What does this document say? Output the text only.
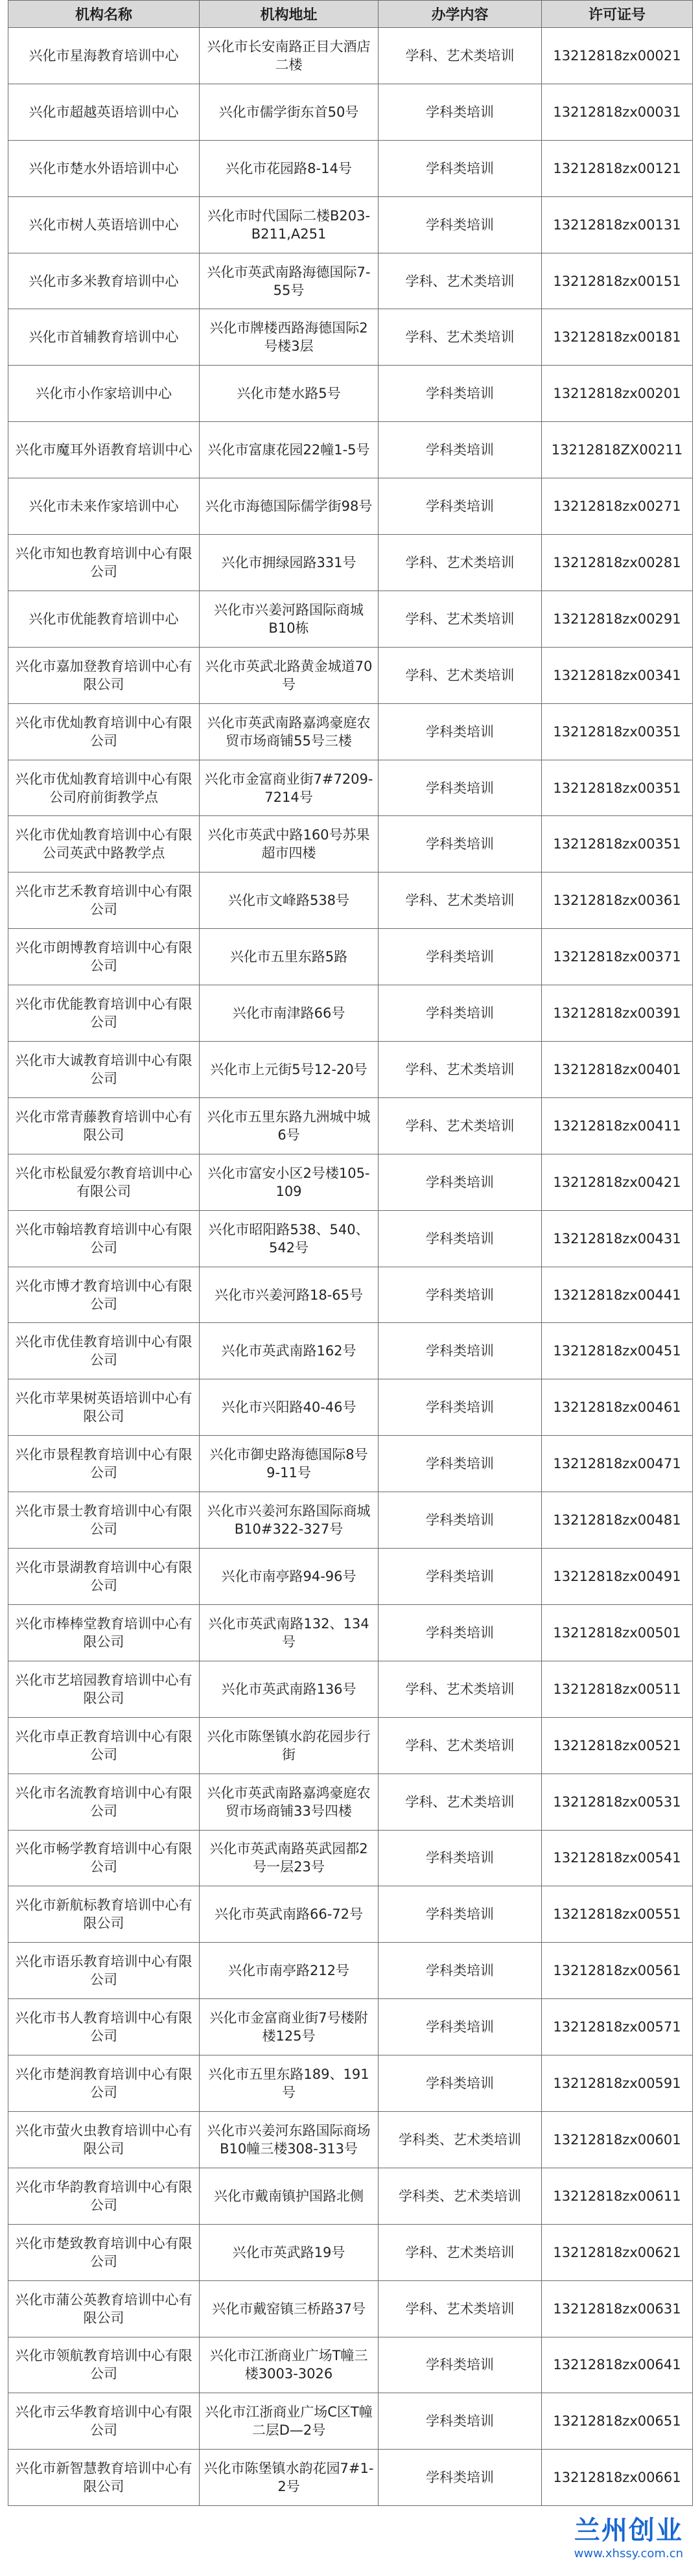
机构名称	机构地址	办学内容	许可证号

兴化市星海教育培训中心	兴化市长安南路正目大酒店二楼	学科、艺术类培训	13212818zx00021

兴化市超越英语培训中心	兴化市儒学街东首50号	学科类培训	13212818zx00031

兴化市楚水外语培训中心	兴化市花园路8-14号	学科类培训	13212818zx00121

兴化市树人英语培训中心	兴化市时代国际二楼B203-B211,A251	学科类培训	13212818zx00131

兴化市多米教育培训中心	兴化市英武南路海德国际7-55号	学科、艺术类培训	13212818zx00151

兴化市首辅教育培训中心	兴化市牌楼西路海德国际2号楼3层	学科、艺术类培训	13212818zx00181

兴化市小作家培训中心	兴化市楚水路5号	学科类培训	13212818zx00201

兴化市魔耳外语教育培训中心	兴化市富康花园22幢1-5号	学科类培训	13212818ZX00211

兴化市未来作家培训中心	兴化市海德国际儒学街98号	学科类培训	13212818zx00271

兴化市知也教育培训中心有限公司	兴化市拥绿园路331号	学科、艺术类培训	13212818zx00281

兴化市优能教育培训中心	兴化市兴姜河路国际商城B10栋	学科、艺术类培训	13212818zx00291

兴化市嘉加登教育培训中心有限公司	兴化市英武北路黄金城道70号	学科、艺术类培训	13212818zx00341

兴化市优灿教育培训中心有限公司	兴化市英武南路嘉鸿豪庭农贸市场商铺55号三楼	学科类培训	13212818zx00351

兴化市优灿教育培训中心有限公司府前街教学点	兴化市金富商业街7#7209-7214号	学科类培训	13212818zx00351

兴化市优灿教育培训中心有限公司英武中路教学点	兴化市英武中路160号苏果超市四楼	学科类培训	13212818zx00351

兴化市艺禾教育培训中心有限公司	兴化市文峰路538号	学科、艺术类培训	13212818zx00361

兴化市朗博教育培训中心有限公司	兴化市五里东路5路	学科类培训	13212818zx00371

兴化市优能教育培训中心有限公司	兴化市南津路66号	学科类培训	13212818zx00391

兴化市大诚教育培训中心有限公司	兴化市上元街5号12-20号	学科、艺术类培训	13212818zx00401

兴化市常青藤教育培训中心有限公司	兴化市五里东路九洲城中城6号	学科、艺术类培训	13212818zx00411

兴化市松鼠爱尔教育培训中心有限公司	兴化市富安小区2号楼105-109	学科类培训	13212818zx00421

兴化市翰培教育培训中心有限公司	兴化市昭阳路538、540、542号	学科类培训	13212818zx00431

兴化市博才教育培训中心有限公司	兴化市兴姜河路18-65号	学科类培训	13212818zx00441

兴化市优佳教育培训中心有限公司	兴化市英武南路162号	学科类培训	13212818zx00451

兴化市苹果树英语培训中心有限公司	兴化市兴阳路40-46号	学科类培训	13212818zx00461

兴化市景程教育培训中心有限公司	兴化市御史路海德国际8号9-11号	学科类培训	13212818zx00471

兴化市景士教育培训中心有限公司	兴化市兴姜河东路国际商城B10#322-327号	学科类培训	13212818zx00481

兴化市景湖教育培训中心有限公司	兴化市南亭路94-96号	学科类培训	13212818zx00491

兴化市棒棒堂教育培训中心有限公司	兴化市英武南路132、134号	学科类培训	13212818zx00501

兴化市艺培园教育培训中心有限公司	兴化市英武南路136号	学科、艺术类培训	13212818zx00511

兴化市卓正教育培训中心有限公司	兴化市陈堡镇水韵花园步行街	学科、艺术类培训	13212818zx00521

兴化市名流教育培训中心有限公司	兴化市英武南路嘉鸿豪庭农贸市场商铺33号四楼	学科、艺术类培训	13212818zx00531

兴化市畅学教育培训中心有限公司	兴化市英武南路英武园都2号一层23号	学科类培训	13212818zx00541

兴化市新航标教育培训中心有限公司	兴化市英武南路66-72号	学科类培训	13212818zx00551

兴化市语乐教育培训中心有限公司	兴化市南亭路212号	学科类培训	13212818zx00561

兴化市书人教育培训中心有限公司	兴化市金富商业街7号楼附楼125号	学科类培训	13212818zx00571

兴化市楚润教育培训中心有限公司	兴化市五里东路189、191号	学科类培训	13212818zx00591

兴化市萤火虫教育培训中心有限公司	兴化市兴姜河东路国际商场B10幢三楼308-313号	学科类、艺术类培训	13212818zx00601

兴化市华韵教育培训中心有限公司	兴化市戴南镇护国路北侧	学科类、艺术类培训	13212818zx00611

兴化市楚致教育培训中心有限公司	兴化市英武路19号	学科、艺术类培训	13212818zx00621

兴化市蒲公英教育培训中心有限公司	兴化市戴窑镇三桥路37号	学科、艺术类培训	13212818zx00631

兴化市领航教育培训中心有限公司	兴化市江浙商业广场T幢三楼3003-3026	学科类培训	13212818zx00641

兴化市云华教育培训中心有限公司	兴化市江浙商业广场C区T幢二层D—2号	学科类培训	13212818zx00651

兴化市新智慧教育培训中心有限公司	兴化市陈堡镇水韵花园7#1-2号	学科类培训	13212818zx00661
兰州创业
www.xhssy.com.cn
